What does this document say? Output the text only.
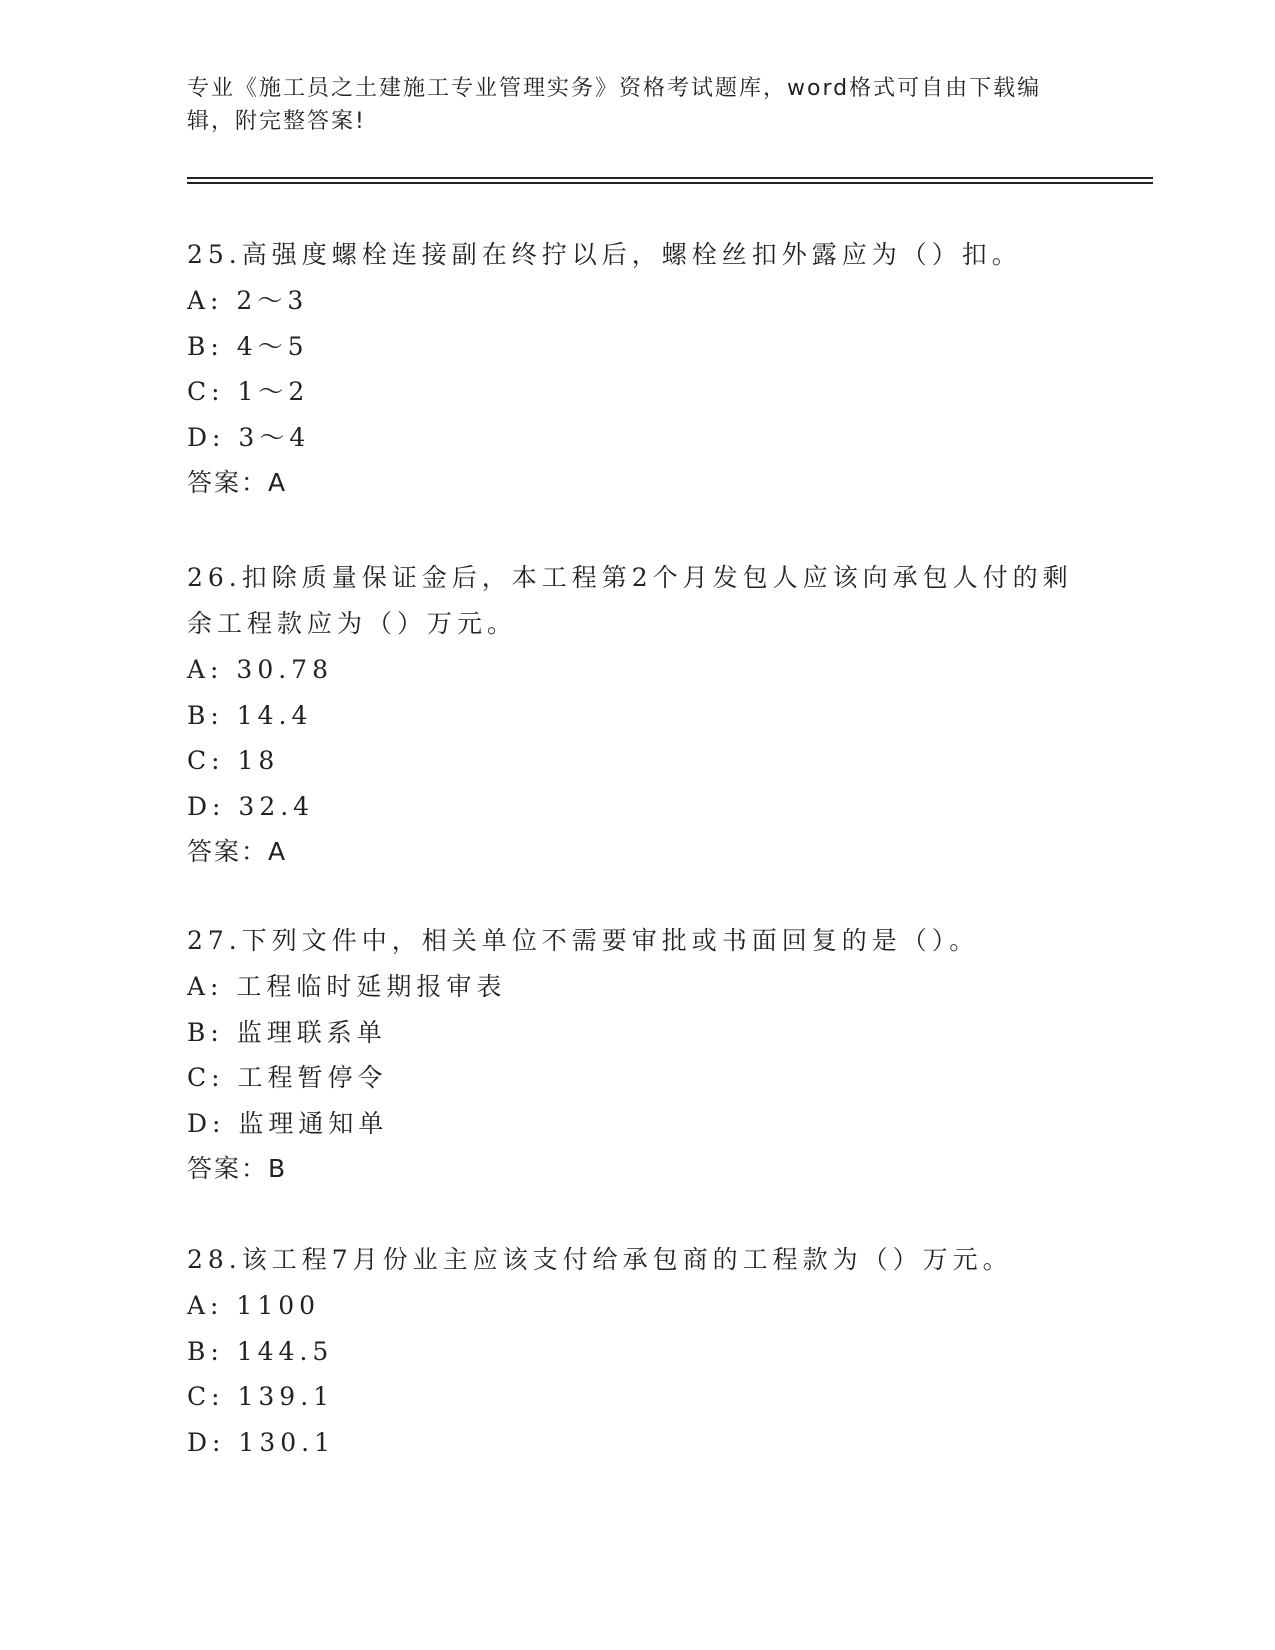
专业《施工员之土建施工专业管理实务》资格考试题库，word格式可自由下载编辑，附完整答案!
25.高强度螺栓连接副在终拧以后，螺栓丝扣外露应为（）扣。
A: 2～3
B: 4～5
C: 1～2
D: 3～4
答案：A
26.扣除质量保证金后，本工程第2个月发包人应该向承包人付的剩余工程款应为（）万元。
A: 30.78
B: 14.4
C: 18
D: 32.4
答案：A
27.下列文件中，相关单位不需要审批或书面回复的是（）。
A: 工程临时延期报审表
B: 监理联系单
C: 工程暂停令
D: 监理通知单
答案：B
28.该工程7月份业主应该支付给承包商的工程款为（）万元。
A: 1100
B: 144.5
C: 139.1
D: 130.1
